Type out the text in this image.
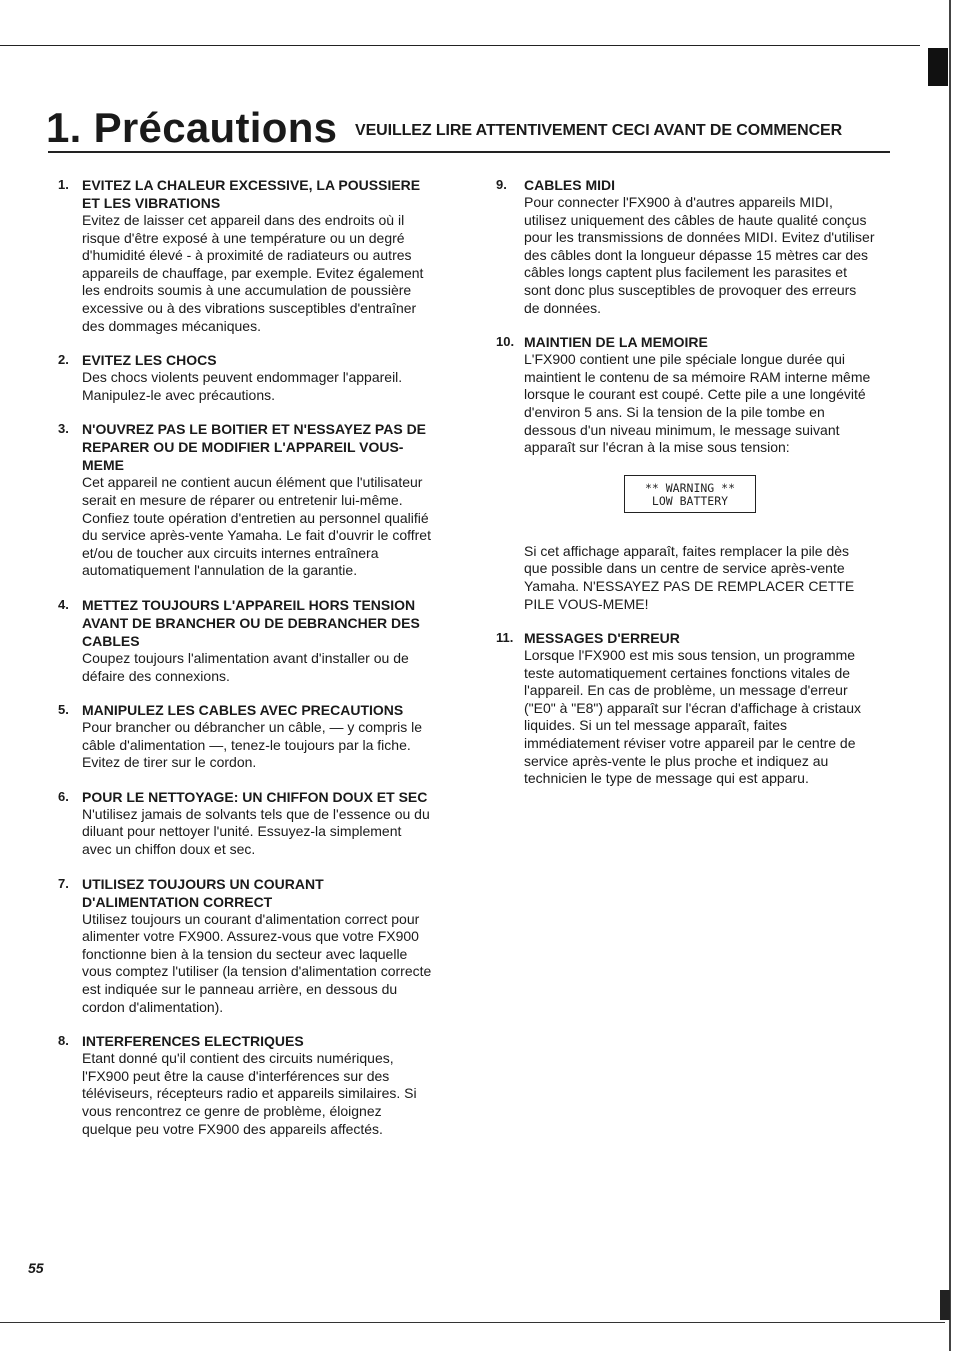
1. Précautions VEUILLEZ LIRE ATTENTIVEMENT CECI AVANT DE COMMENCER
1. EVITEZ LA CHALEUR EXCESSIVE, LA POUSSIERE
ET LES VIBRATIONS
Evitez de laisser cet appareil dans des endroits où il
risque d'être exposé à une température ou un degré
d'humidité élevé - à proximité de radiateurs ou autres
appareils de chauffage, par exemple. Evitez également
les endroits soumis à une accumulation de poussière
excessive ou à des vibrations susceptibles d'entraîner
des dommages mécaniques.
2. EVITEZ LES CHOCS
Des chocs violents peuvent endommager l'appareil.
Manipulez-le avec précautions.
3. N'OUVREZ PAS LE BOITIER ET N'ESSAYEZ PAS DE
REPARER OU DE MODIFIER L'APPAREIL VOUS-
MEME
Cet appareil ne contient aucun élément que l'utilisateur
serait en mesure de réparer ou entretenir lui-même.
Confiez toute opération d'entretien au personnel qualifié
du service après-vente Yamaha. Le fait d'ouvrir le coffret
et/ou de toucher aux circuits internes entraînera
automatiquement l'annulation de la garantie.
4. METTEZ TOUJOURS L'APPAREIL HORS TENSION
AVANT DE BRANCHER OU DE DEBRANCHER DES
CABLES
Coupez toujours l'alimentation avant d'installer ou de
défaire des connexions.
5. MANIPULEZ LES CABLES AVEC PRECAUTIONS
Pour brancher ou débrancher un câble, — y compris le
câble d'alimentation —, tenez-le toujours par la fiche.
Evitez de tirer sur le cordon.
6. POUR LE NETTOYAGE: UN CHIFFON DOUX ET SEC
N'utilisez jamais de solvants tels que de l'essence ou du
diluant pour nettoyer l'unité. Essuyez-la simplement
avec un chiffon doux et sec.
7. UTILISEZ TOUJOURS UN COURANT
D'ALIMENTATION CORRECT
Utilisez toujours un courant d'alimentation correct pour
alimenter votre FX900. Assurez-vous que votre FX900
fonctionne bien à la tension du secteur avec laquelle
vous comptez l'utiliser (la tension d'alimentation correcte
est indiquée sur le panneau arrière, en dessous du
cordon d'alimentation).
8. INTERFERENCES ELECTRIQUES
Etant donné qu'il contient des circuits numériques,
l'FX900 peut être la cause d'interférences sur des
téléviseurs, récepteurs radio et appareils similaires. Si
vous rencontrez ce genre de problème, éloignez
quelque peu votre FX900 des appareils affectés.
9.	CABLES MIDI
Pour connecter l'FX900 à d'autres appareils MIDI,
utilisez uniquement des câbles de haute qualité conçus
pour les transmissions de données MIDI. Evitez d'utiliser
des câbles dont la longueur dépasse 15 mètres car des
câbles longs captent plus facilement les parasites et
sont donc plus susceptibles de provoquer des erreurs
de données.
10. MAINTIEN DE LA MEMOIRE
L'FX900 contient une pile spéciale longue durée qui
maintient le contenu de sa mémoire RAM interne même
lorsque le courant est coupé. Cette pile a une longévité
d'environ 5 ans. Si la tension de la pile tombe en
dessous d'un niveau minimum, le message suivant
apparaît sur l'écran à la mise sous tension:
** WARNING **
LOW BATTERY
Si cet affichage apparaît, faites remplacer la pile dès
que possible dans un centre de service après-vente
Yamaha. N'ESSAYEZ PAS DE REMPLACER CETTE
PILE VOUS-MEME!
11. MESSAGES D'ERREUR
Lorsque l'FX900 est mis sous tension, un programme
teste automatiquement certaines fonctions vitales de
l'appareil. En cas de problème, un message d'erreur
("E0" à "E8") apparaît sur l'écran d'affichage à cristaux
liquides. Si un tel message apparaît, faites
immédiatement réviser votre appareil par le centre de
service après-vente le plus proche et indiquez au
technicien le type de message qui est apparu.
55
